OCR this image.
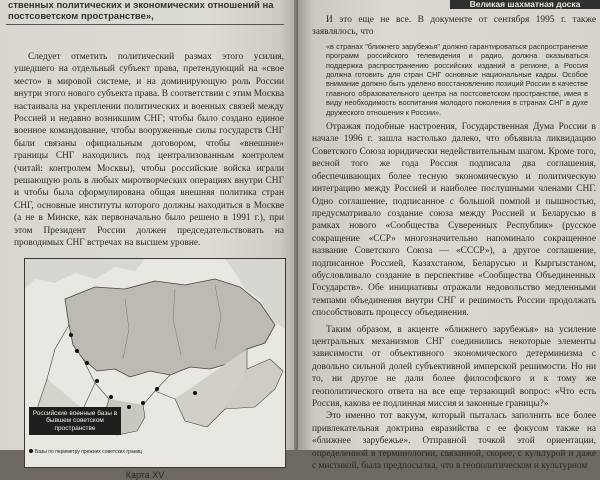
ственных политических и экономических отношений на постсоветском пространстве»,

Следует отметить политический размах этого усилия, ушедшего на отдельный субъект права, претендующий на «свое место» в мировой системе, и на доминирующую роль России внутри этого нового субъекта права. В соответствии с этим Москва настаивала на укреплении политических и военных связей между Россией и недавно возникшим СНГ; чтобы было создано единое военное командование, чтобы вооруженные силы государств СНГ были связаны официальным договором, чтобы «внешние» границы СНГ находились под централизованным контролем (читай: контролем Москвы), чтобы российские войска играли решающую роль в любых миротворческих операциях внутри СНГ и чтобы была сформулирована общая внешняя политика стран СНГ, основные институты которого должны находиться в Москве (а не в Минске, как первоначально было решено в 1991 г.), при этом Президент России должен председательствовать на проводимых СНГ встречах на высшем уровне.

Российские военные базы в бывшем советском пространстве
Базы по периметру прежних советских границ
Карта XV
Великая шахматная доска

И это еще не все. В документе от сентября 1995 г. также заявлялось, что

«в странах "ближнего зарубежья" должно гарантироваться распространение программ российского телевидения и радио, должна оказываться поддержка распространению российских изданий в регионе, а Россия должна готовить для стран СНГ основные национальные кадры. Особое внимание должно быть уделено восстановлению позиций России в качестве главного образовательного центра на постсоветском пространстве, имея в виду необходимость воспитания молодого поколения в странах СНГ в духе дружеского отношения к России».

Отражая подобные настроения, Государственная Дума России в начале 1996 г. зашла настолько далеко, что объявила ликвидацию Советского Союза юридически недействительным шагом. Кроме того, весной того же года Россия подписала два соглашения, обеспечивающих более тесную экономическую и политическую интеграцию между Россией и наиболее послушными членами СНГ. Одно соглашение, подписанное с большой помпой и пышностью, предусматривало создание союза между Россией и Беларусью в рамках нового «Сообщества Суверенных Республик» (русское сокращение «ССР» многозначительно напоминало сокращенное название Советского Союза — «СССР»), а другое соглашение, подписанное Россией, Казахстаном, Беларусью и Кыргызстаном, обусловливало создание в перспективе «Сообщества Объединенных Государств». Обе инициативы отражали недовольство медленными темпами объединения внутри СНГ и решимость России продолжать способствовать процессу объединения.

Таким образом, в акценте «ближнего зарубежья» на усиление центральных механизмов СНГ соединились некоторые элементы зависимости от объективного экономического детерминизма с довольно сильной долей субъективной имперской решимости. Но ни то, ни другое не дали более философского и к тому же геополитического ответа на все еще терзающий вопрос: «Что есть Россия, какова ее подлинная миссия и законные границы?»

Это именно тот вакуум, который пыталась заполнить все более привлекательная доктрина евразийства с ее фокусом также на «ближнее зарубежье». Отправной точкой этой ориентации, определенной в терминологии, связанной, скорее, с культурой и даже с мистикой, была предпосылка, что в геополитическом и культурном
